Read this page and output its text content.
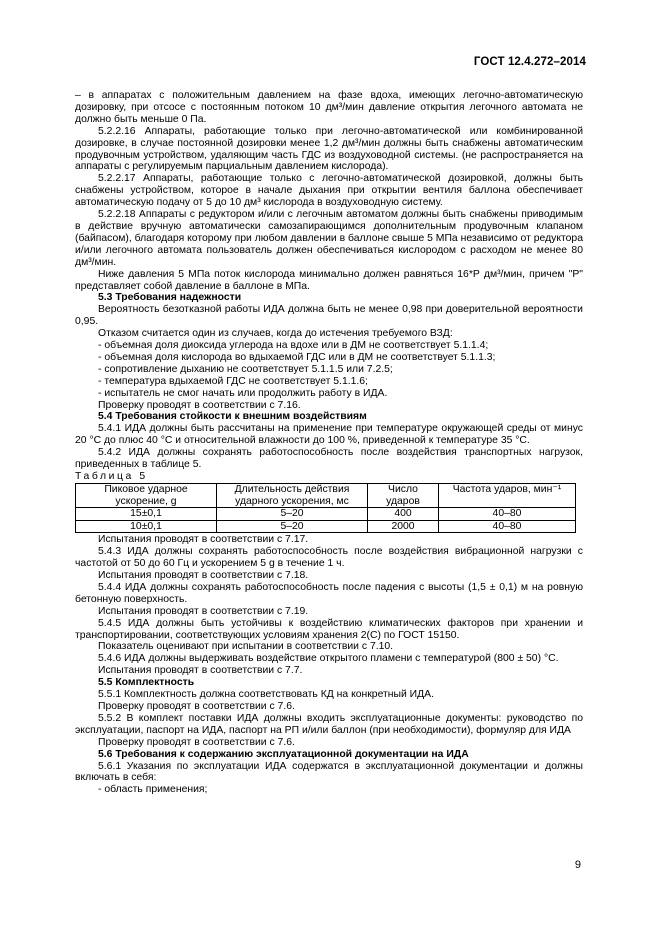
ГОСТ 12.4.272–2014

– в аппаратах с положительным давлением на фазе вдоха, имеющих легочно-автоматическую дозировку, при отсосе с постоянным потоком 10 дм³/мин давление открытия легочного автомата не должно быть меньше 0 Па.

5.2.2.16 Аппараты, работающие только при легочно-автоматической или комбинированной дозировке, в случае постоянной дозировки менее 1,2 дм³/мин должны быть снабжены автоматическим продувочным устройством, удаляющим часть ГДС из воздуховодной системы. (не распространяется на аппараты с регулируемым парциальным давлением кислорода).

5.2.2.17 Аппараты, работающие только с легочно-автоматической дозировкой, должны быть снабжены устройством, которое в начале дыхания при открытии вентиля баллона обеспечивает автоматическую подачу от 5 до 10 дм³ кислорода в воздуховодную систему.

5.2.2.18 Аппараты с редуктором и/или с легочным автоматом должны быть снабжены приводимым в действие вручную автоматически самозапирающимся дополнительным продувочным клапаном (байпасом), благодаря которому при любом давлении в баллоне свыше 5 МПа независимо от редуктора и/или легочного автомата пользователь должен обеспечиваться кислородом с расходом не менее 80 дм³/мин.

Ниже давления 5 МПа поток кислорода минимально должен равняться 16*Р дм³/мин, причем "Р" представляет собой давление в баллоне в МПа.

5.3 Требования надежности

Вероятность безотказной работы ИДА должна быть не менее 0,98 при доверительной вероятности 0,95.

Отказом считается один из случаев, когда до истечения требуемого ВЗД:

- объемная доля диоксида углерода на вдохе или в ДМ не соответствует 5.1.1.4;

- объемная доля кислорода во вдыхаемой ГДС или в ДМ не соответствует 5.1.1.3;

- сопротивление дыханию не соответствует 5.1.1.5 или 7.2.5;

- температура вдыхаемой ГДС не соответствует 5.1.1.6;

- испытатель не смог начать или продолжить работу в ИДА.

Проверку проводят в соответствии с 7.16.

5.4 Требования стойкости к внешним воздействиям

5.4.1 ИДА должны быть рассчитаны на применение при температуре окружающей среды от минус 20 °С до плюс 40 °С и относительной влажности до 100 %, приведенной к температуре 35 °С.

5.4.2 ИДА должны сохранять работоспособность после воздействия транспортных нагрузок, приведенных в таблице 5.

Таблица 5

Пиковое ударное ускорение, g	Длительность действия ударного ускорения, мс	Число ударов	Частота ударов, мин⁻¹
15±0,1	5–20	400	40–80
10±0,1	5–20	2000	40–80

Испытания проводят в соответствии с 7.17.

5.4.3 ИДА должны сохранять работоспособность после воздействия вибрационной нагрузки с частотой от 50 до 60 Гц и ускорением 5 g в течение 1 ч.

Испытания проводят в соответствии с 7.18.

5.4.4 ИДА должны сохранять работоспособность после падения с высоты (1,5 ± 0,1) м на ровную бетонную поверхность.

Испытания проводят в соответствии с 7.19.

5.4.5 ИДА должны быть устойчивы к воздействию климатических факторов при хранении и транспортировании, соответствующих условиям хранения 2(С) по ГОСТ 15150.

Показатель оценивают при испытании в соответствии с 7.10.

5.4.6 ИДА должны выдерживать воздействие открытого пламени с температурой (800 ± 50) °С.

Испытания проводят в соответствии с 7.7.

5.5 Комплектность

5.5.1 Комплектность должна соответствовать КД на конкретный ИДА.

Проверку проводят в соответствии с 7.6.

5.5.2 В комплект поставки ИДА должны входить эксплуатационные документы: руководство по эксплуатации, паспорт на ИДА, паспорт на РП и/или баллон (при необходимости), формуляр для ИДА

Проверку проводят в соответствии с 7.6.

5.6 Требования к содержанию эксплуатационной документации на ИДА

5.6.1 Указания по эксплуатации ИДА содержатся в эксплуатационной документации и должны включать в себя:

- область применения;

9
